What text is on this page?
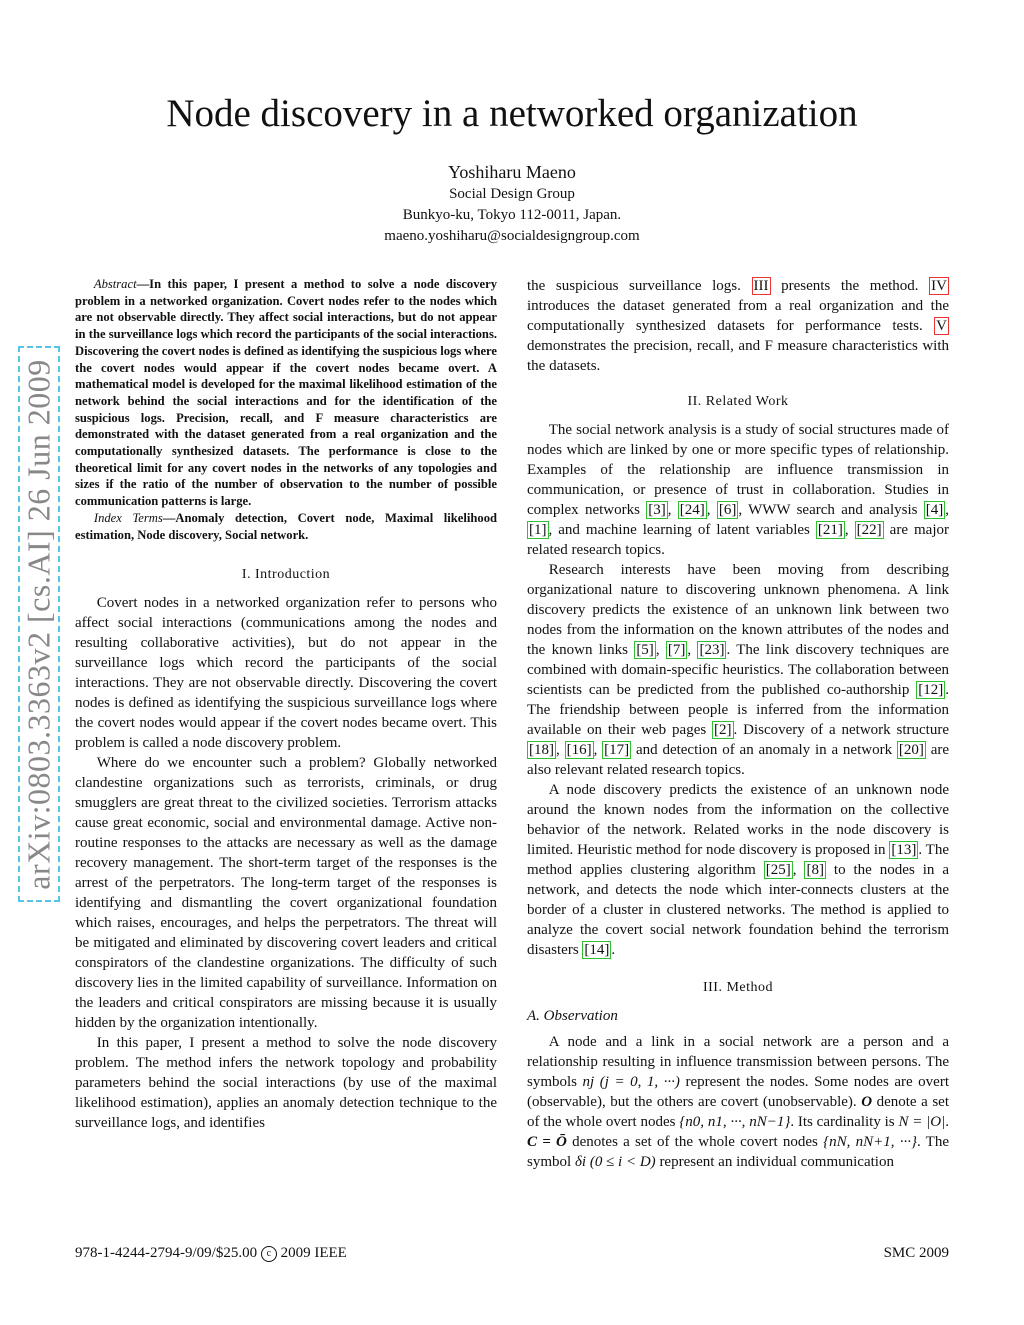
Node discovery in a networked organization
Yoshiharu Maeno
Social Design Group
Bunkyo-ku, Tokyo 112-0011, Japan.
maeno.yoshiharu@socialdesigngroup.com
arXiv:0803.3363v2 [cs.AI] 26 Jun 2009

Abstract—In this paper, I present a method to solve a node discovery problem in a networked organization. Covert nodes refer to the nodes which are not observable directly. They affect social interactions, but do not appear in the surveillance logs which record the participants of the social interactions. Discovering the covert nodes is defined as identifying the suspicious logs where the covert nodes would appear if the covert nodes became overt. A mathematical model is developed for the maximal likelihood estimation of the network behind the social interactions and for the identification of the suspicious logs. Precision, recall, and F measure characteristics are demonstrated with the dataset generated from a real organization and the computationally synthesized datasets. The performance is close to the theoretical limit for any covert nodes in the networks of any topologies and sizes if the ratio of the number of observation to the number of possible communication patterns is large.

Index Terms—Anomaly detection, Covert node, Maximal likelihood estimation, Node discovery, Social network.

I. Introduction

Covert nodes in a networked organization refer to persons who affect social interactions (communications among the nodes and resulting collaborative activities), but do not appear in the surveillance logs which record the participants of the social interactions. They are not observable directly. Discovering the covert nodes is defined as identifying the suspicious surveillance logs where the covert nodes would appear if the covert nodes became overt. This problem is called a node discovery problem.

Where do we encounter such a problem? Globally networked clandestine organizations such as terrorists, criminals, or drug smugglers are great threat to the civilized societies. Terrorism attacks cause great economic, social and environmental damage. Active non-routine responses to the attacks are necessary as well as the damage recovery management. The short-term target of the responses is the arrest of the perpetrators. The long-term target of the responses is identifying and dismantling the covert organizational foundation which raises, encourages, and helps the perpetrators. The threat will be mitigated and eliminated by discovering covert leaders and critical conspirators of the clandestine organizations. The difficulty of such discovery lies in the limited capability of surveillance. Information on the leaders and critical conspirators are missing because it is usually hidden by the organization intentionally.

In this paper, I present a method to solve the node discovery problem. The method infers the network topology and probability parameters behind the social interactions (by use of the maximal likelihood estimation), applies an anomaly detection technique to the surveillance logs, and identifies

the suspicious surveillance logs. III presents the method. IV introduces the dataset generated from a real organization and the computationally synthesized datasets for performance tests. V demonstrates the precision, recall, and F measure characteristics with the datasets.

II. Related Work

The social network analysis is a study of social structures made of nodes which are linked by one or more specific types of relationship. Examples of the relationship are influence transmission in communication, or presence of trust in collaboration. Studies in complex networks [3] , [24] , [6] , WWW search and analysis [4] , [1] , and machine learning of latent variables [21] , [22] are major related research topics.

Research interests have been moving from describing organizational nature to discovering unknown phenomena. A link discovery predicts the existence of an unknown link between two nodes from the information on the known attributes of the nodes and the known links [5] , [7] , [23] . The link discovery techniques are combined with domain-specific heuristics. The collaboration between scientists can be predicted from the published co-authorship [12] . The friendship between people is inferred from the information available on their web pages [2] . Discovery of a network structure [18] , [16] , [17] and detection of an anomaly in a network [20] are also relevant related research topics.

A node discovery predicts the existence of an unknown node around the known nodes from the information on the collective behavior of the network. Related works in the node discovery is limited. Heuristic method for node discovery is proposed in [13] . The method applies clustering algorithm [25] , [8] to the nodes in a network, and detects the node which inter-connects clusters at the border of a cluster in clustered networks. The method is applied to analyze the covert social network foundation behind the terrorism disasters [14] .

III. Method
A. Observation

A node and a link in a social network are a person and a relationship resulting in influence transmission between persons. The symbols nj (j = 0, 1, ···) represent the nodes. Some nodes are overt (observable), but the others are covert (unobservable). O denote a set of the whole overt nodes {n0, n1, ···, nN−1}. Its cardinality is N = |O|. C = Ō denotes a set of the whole covert nodes {nN, nN+1, ···}. The symbol δi (0 ≤ i < D) represent an individual communication

978-1-4244-2794-9/09/$25.00 c 2009 IEEE	SMC 2009
